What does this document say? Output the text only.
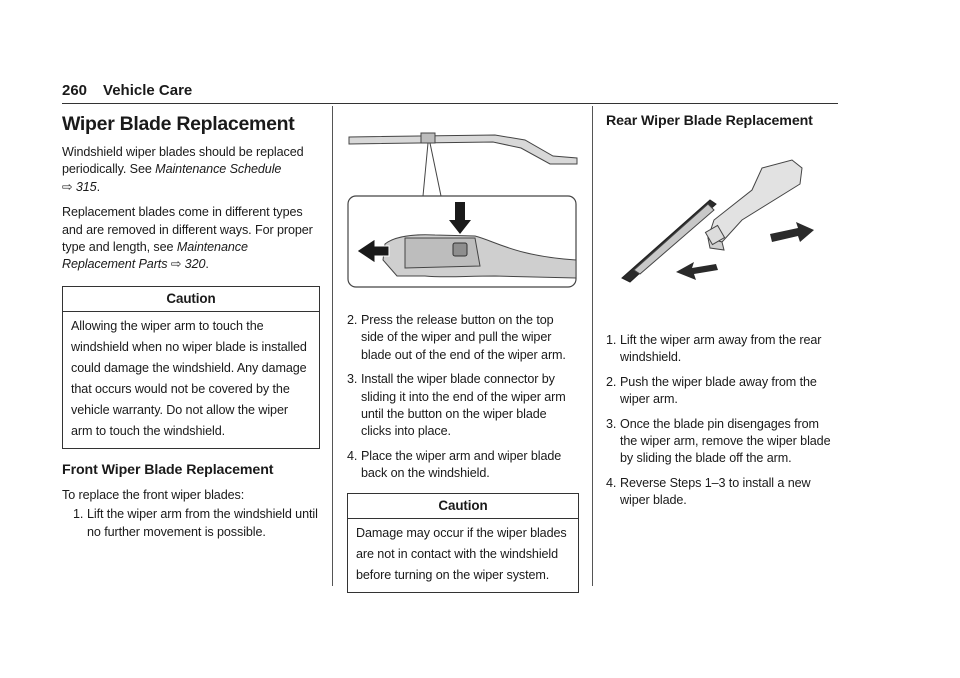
260 Vehicle Care
Wiper Blade Replacement

Windshield wiper blades should be replaced periodically. See Maintenance Schedule
⇨ 315.

Replacement blades come in different types and are removed in different ways. For proper type and length, see Maintenance Replacement Parts ⇨ 320.

Caution
Allowing the wiper arm to touch the windshield when no wiper blade is installed could damage the windshield. Any damage that occurs would not be covered by the vehicle warranty. Do not allow the wiper arm to touch the windshield.
Front Wiper Blade Replacement

To replace the front wiper blades:

1. Lift the wiper arm from the windshield until no further movement is possible.
2. Press the release button on the top side of the wiper and pull the wiper blade out of the end of the wiper arm.
3. Install the wiper blade connector by sliding it into the end of the wiper arm until the button on the wiper blade clicks into place.
4. Place the wiper arm and wiper blade back on the windshield.
Caution
Damage may occur if the wiper blades are not in contact with the windshield before turning on the wiper system.
Rear Wiper Blade Replacement
1. Lift the wiper arm away from the rear windshield.
2. Push the wiper blade away from the wiper arm.
3. Once the blade pin disengages from the wiper arm, remove the wiper blade by sliding the blade off the arm.
4. Reverse Steps 1–3 to install a new wiper blade.
